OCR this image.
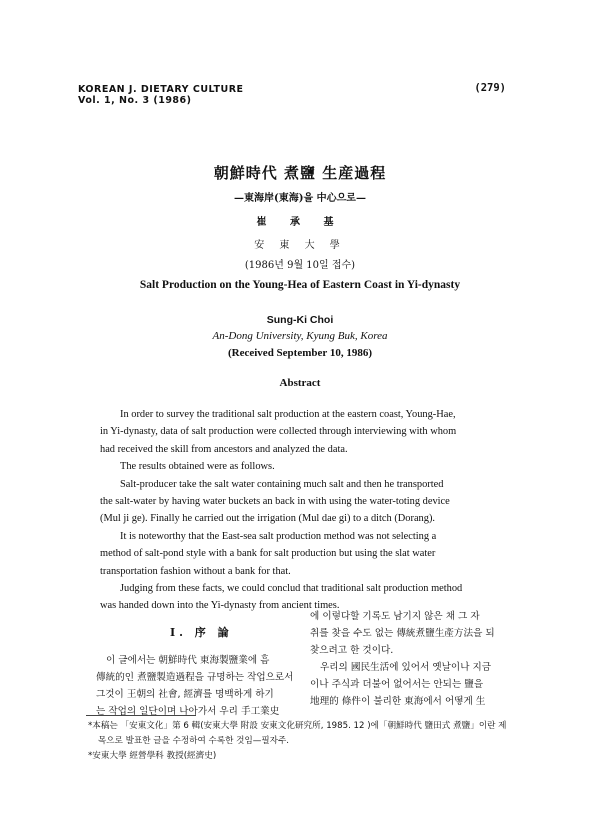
KOREAN J. DIETARY CULTURE
Vol. 1, No. 3 (1986)
(279)
朝鮮時代 煮鹽 生産過程
—東海岸(東海)을 中心으로—
崔 承 基
安 東 大 學
(1986년 9월 10일 접수)
Salt Production on the Young-Hea of Eastern Coast in Yi-dynasty
Sung-Ki Choi
An-Dong University, Kyung Buk, Korea
(Received September 10, 1986)
Abstract
In order to survey the traditional salt production at the eastern coast, Young-Hae,
in Yi-dynasty, data of salt production were collected through interviewing with whom
had received the skill from ancestors and analyzed the data.
The results obtained were as follows.
Salt-producer take the salt water containing much salt and then he transported
the salt-water by having water buckets an back in with using the water-toting device
(Mul ji ge). Finally he carried out the irrigation (Mul dae gi) to a ditch (Dorang).
It is noteworthy that the East-sea salt production method was not selecting a
method of salt-pond style with a bank for salt production but using the slat water
transportation fashion without a bank for that.
Judging from these facts, we could conclud that traditional salt production method
was handed down into the Yi-dynasty from ancient times.
에 이렇다할 기록도 남기지 않은 채 그 자
취를 찾을 수도 없는 傳統煮鹽生產方法을 되
찾으려고 한 것이다.
우리의 國民生活에 있어서 옛날이나 지금
이나 주식과 더불어 없어서는 안되는 鹽을
地理的 條件이 불리한 東海에서 어떻게 生
I. 序 論
이 글에서는 朝鮮時代 東海製鹽業에 흠
傳統的인 煮鹽製造過程을 규명하는 작업으로서
그것이 王朝의 社會, 經濟를 명백하게 하기
는 작업의 일단이며 나아가서 우리 手工業史
*本稿는 「安東文化」第 6 輯(安東大學 附設 安東文化研究所, 1985. 12 )에「朝鮮時代 鹽田式 煮鹽」이란 제
목으로 발표한 글을 수정하여 수록한 것임—필자주.
*安東大學 經營學科 教授(經濟史)
